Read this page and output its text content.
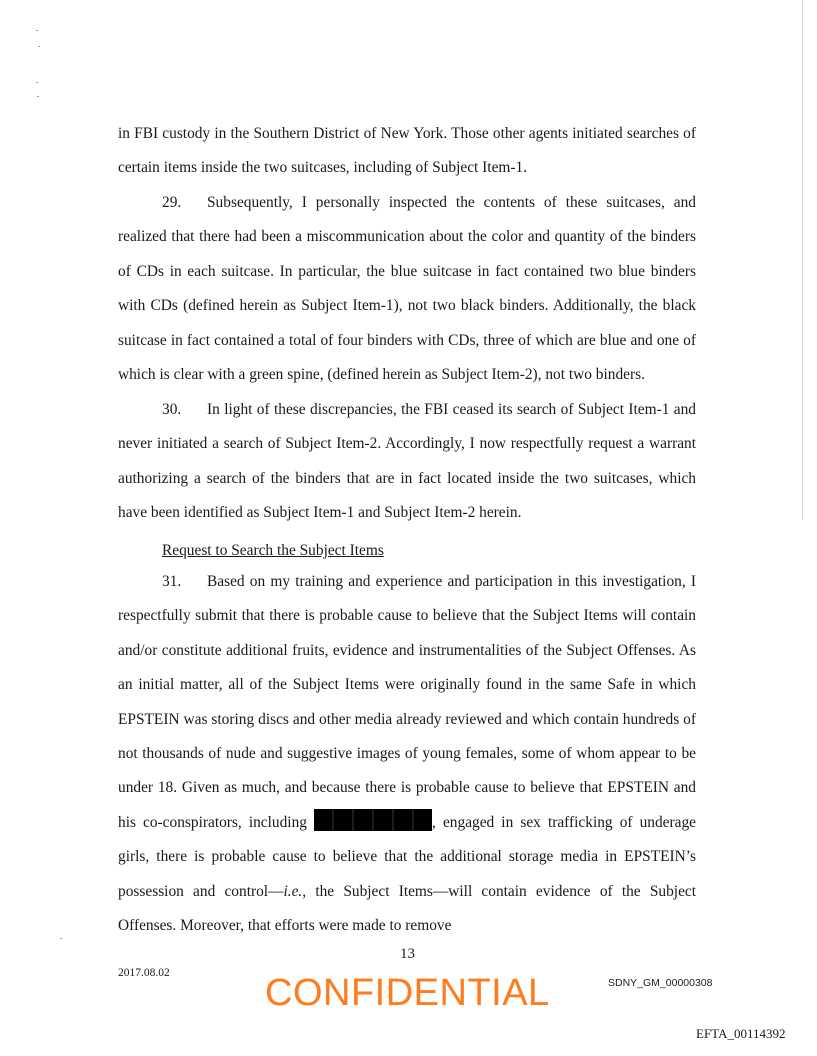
in FBI custody in the Southern District of New York. Those other agents initiated searches of certain items inside the two suitcases, including of Subject Item-1.

29. Subsequently, I personally inspected the contents of these suitcases, and realized that there had been a miscommunication about the color and quantity of the binders of CDs in each suitcase. In particular, the blue suitcase in fact contained two blue binders with CDs (defined herein as Subject Item-1), not two black binders. Additionally, the black suitcase in fact contained a total of four binders with CDs, three of which are blue and one of which is clear with a green spine, (defined herein as Subject Item-2), not two binders.

30. In light of these discrepancies, the FBI ceased its search of Subject Item-1 and never initiated a search of Subject Item-2. Accordingly, I now respectfully request a warrant authorizing a search of the binders that are in fact located inside the two suitcases, which have been identified as Subject Item-1 and Subject Item-2 herein.

Request to Search the Subject Items

31. Based on my training and experience and participation in this investigation, I respectfully submit that there is probable cause to believe that the Subject Items will contain and/or constitute additional fruits, evidence and instrumentalities of the Subject Offenses. As an initial matter, all of the Subject Items were originally found in the same Safe in which EPSTEIN was storing discs and other media already reviewed and which contain hundreds of not thousands of nude and suggestive images of young females, some of whom appear to be under 18. Given as much, and because there is probable cause to believe that EPSTEIN and his co-conspirators, including	, engaged in sex trafficking of underage girls, there is probable cause to believe that the additional storage media in EPSTEIN’s possession and control—i.e., the Subject Items—will contain evidence of the Subject Offenses. Moreover, that efforts were made to remove

13
2017.08.02	CONFIDENTIAL	SDNY_GM_00000308
EFTA_00114392
